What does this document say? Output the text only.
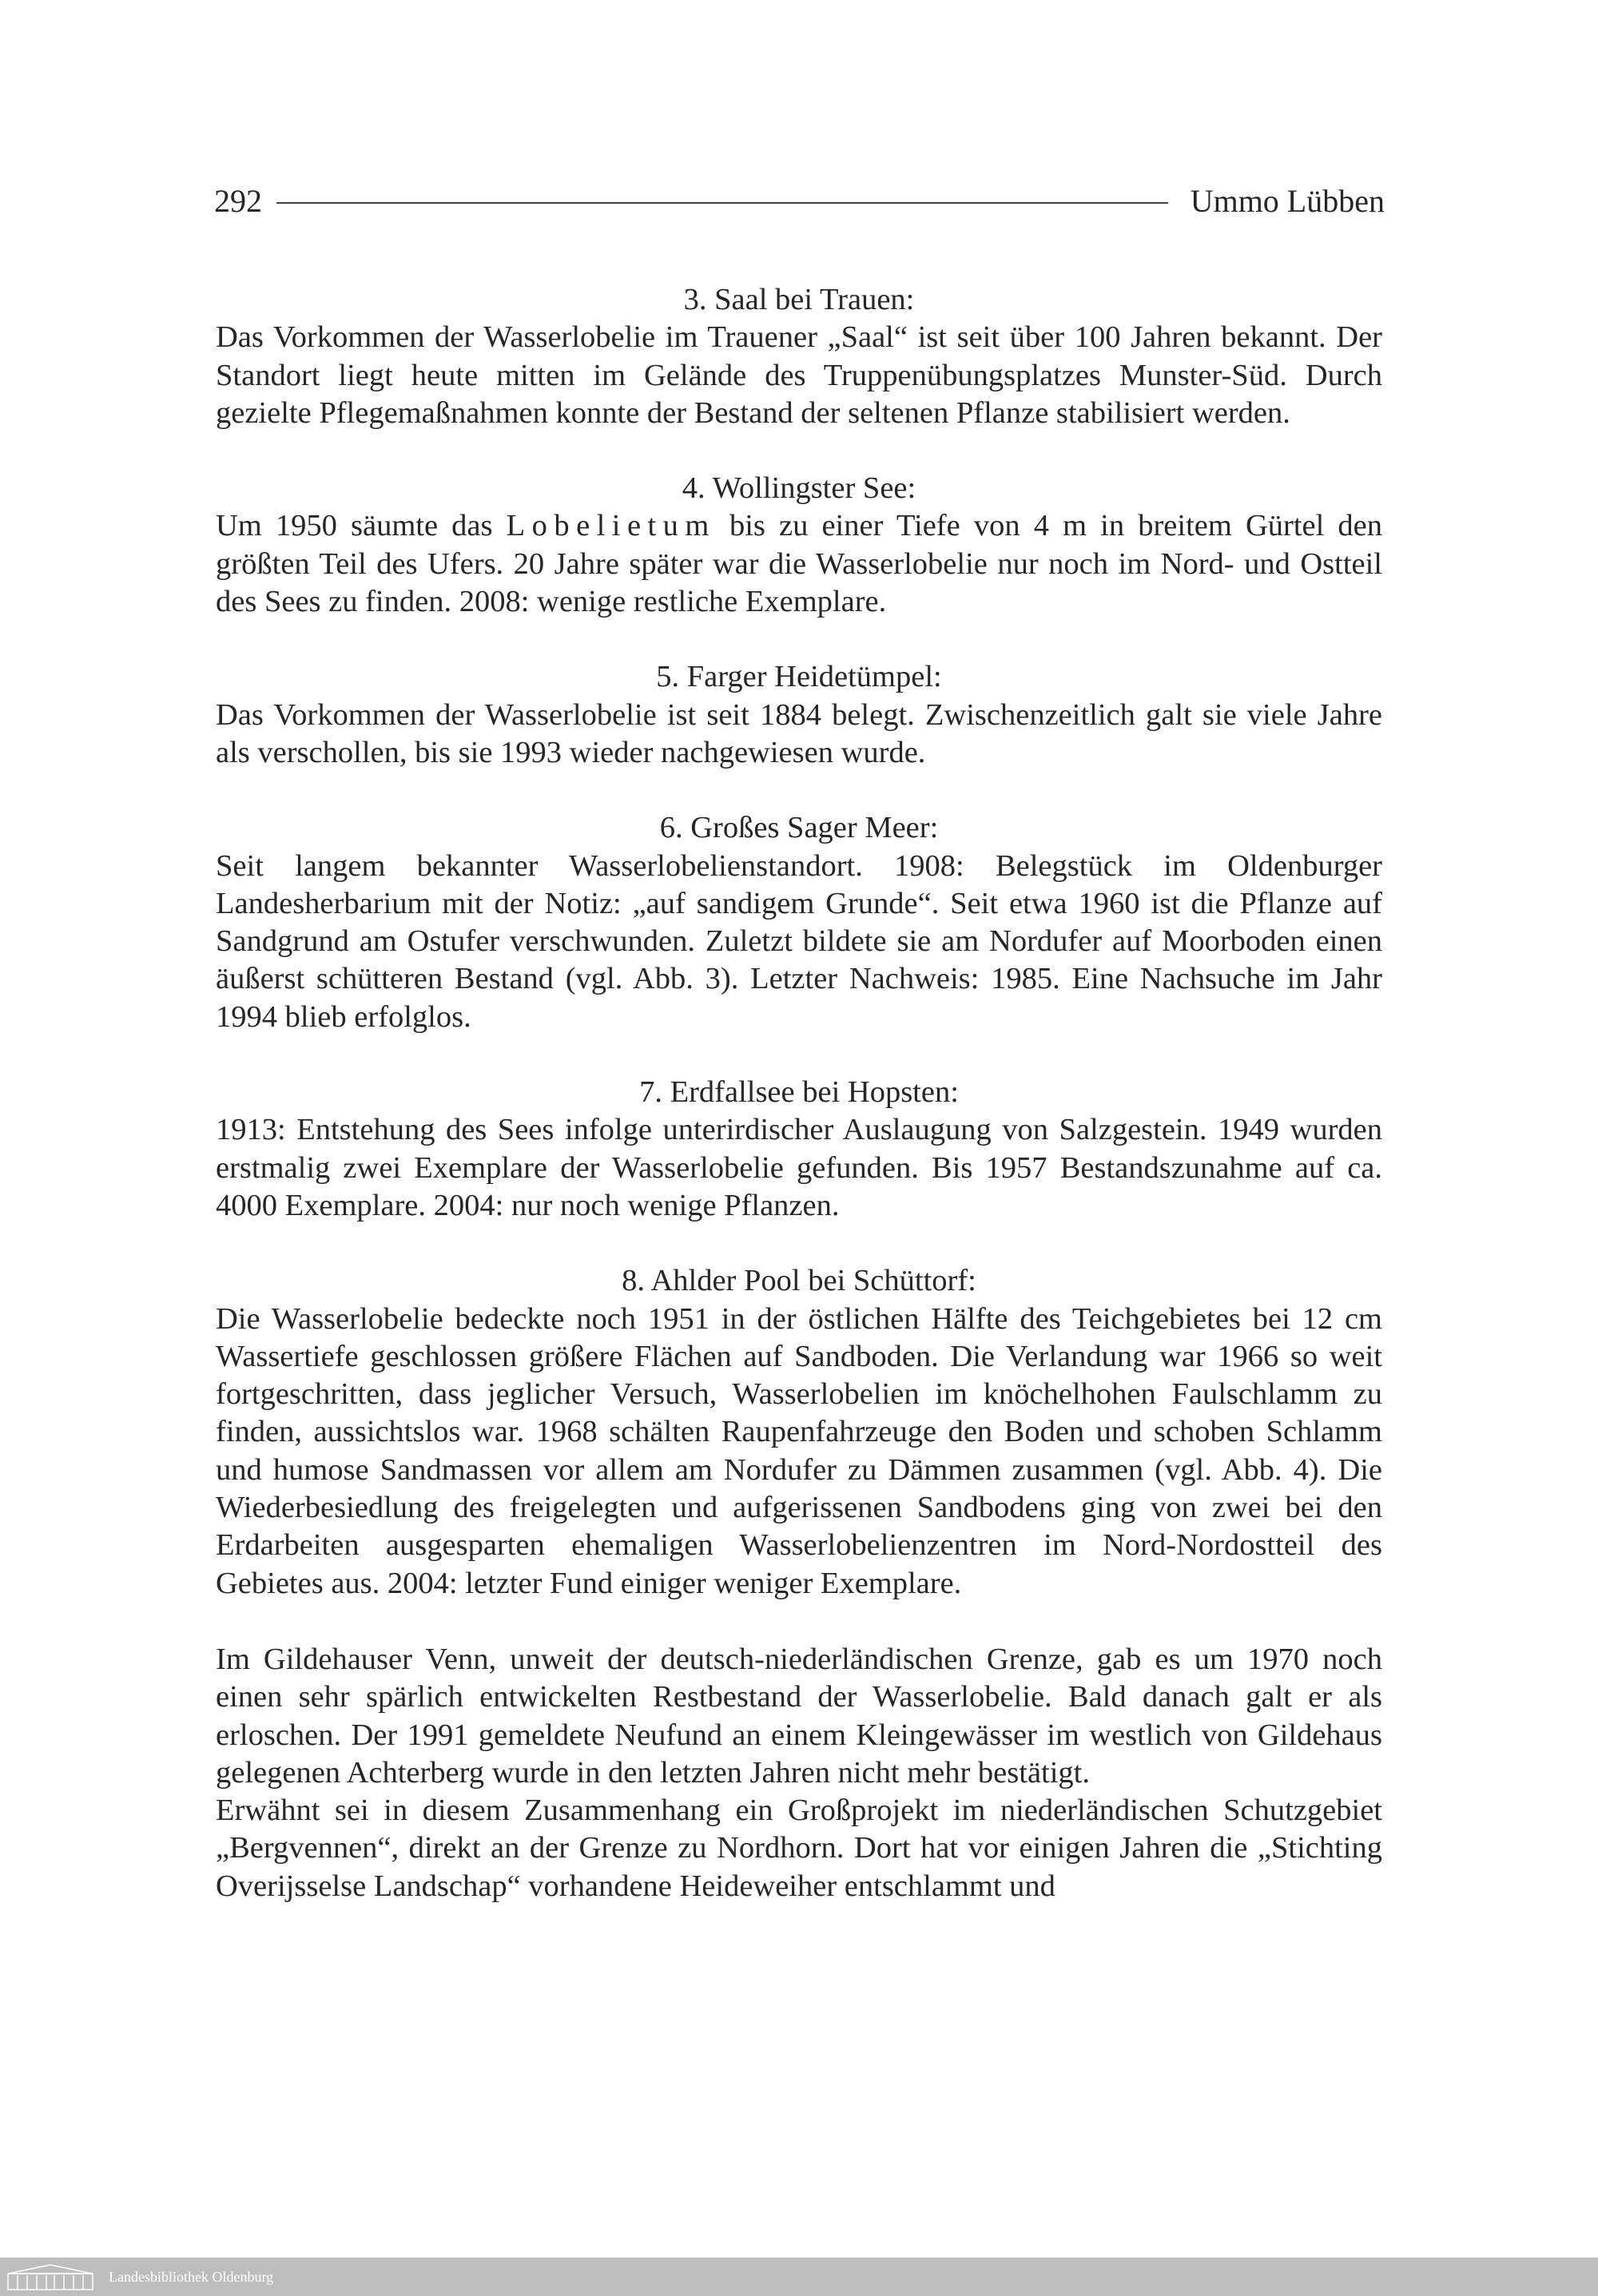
292	Ummo Lübben

3. Saal bei Trauen:

Das Vorkommen der Wasserlobelie im Trauener „Saal“ ist seit über 100 Jahren bekannt. Der Standort liegt heute mitten im Gelände des Truppenübungsplatzes Munster-Süd. Durch gezielte Pflegemaßnahmen konnte der Bestand der seltenen Pflanze stabilisiert werden.

4. Wollingster See:

Um 1950 säumte das Lobelietum bis zu einer Tiefe von 4 m in breitem Gürtel den größten Teil des Ufers. 20 Jahre später war die Wasserlobelie nur noch im Nord- und Ostteil des Sees zu finden. 2008: wenige restliche Exemplare.

5. Farger Heidetümpel:

Das Vorkommen der Wasserlobelie ist seit 1884 belegt. Zwischenzeitlich galt sie viele Jahre als verschollen, bis sie 1993 wieder nachgewiesen wurde.

6. Großes Sager Meer:

Seit langem bekannter Wasserlobelienstandort. 1908: Belegstück im Oldenburger Landesherbarium mit der Notiz: „auf sandigem Grunde“. Seit etwa 1960 ist die Pflanze auf Sandgrund am Ostufer verschwunden. Zuletzt bildete sie am Nordufer auf Moorboden einen äußerst schütteren Bestand (vgl. Abb. 3). Letzter Nachweis: 1985. Eine Nachsuche im Jahr 1994 blieb erfolglos.

7. Erdfallsee bei Hopsten:

1913: Entstehung des Sees infolge unterirdischer Auslaugung von Salzgestein. 1949 wurden erstmalig zwei Exemplare der Wasserlobelie gefunden. Bis 1957 Bestandszunahme auf ca. 4000 Exemplare. 2004: nur noch wenige Pflanzen.

8. Ahlder Pool bei Schüttorf:

Die Wasserlobelie bedeckte noch 1951 in der östlichen Hälfte des Teichgebietes bei 12 cm Wassertiefe geschlossen größere Flächen auf Sandboden. Die Verlandung war 1966 so weit fortgeschritten, dass jeglicher Versuch, Wasserlobelien im knöchelhohen Faulschlamm zu finden, aussichtslos war. 1968 schälten Raupenfahrzeuge den Boden und schoben Schlamm und humose Sandmassen vor allem am Nordufer zu Dämmen zusammen (vgl. Abb. 4). Die Wiederbesiedlung des freigelegten und aufgerissenen Sandbodens ging von zwei bei den Erdarbeiten ausgesparten ehemaligen Wasserlobelienzentren im Nord-Nordostteil des Gebietes aus. 2004: letzter Fund einiger weniger Exemplare.

Im Gildehauser Venn, unweit der deutsch-niederländischen Grenze, gab es um 1970 noch einen sehr spärlich entwickelten Restbestand der Wasserlobelie. Bald danach galt er als erloschen. Der 1991 gemeldete Neufund an einem Kleingewässer im westlich von Gildehaus gelegenen Achterberg wurde in den letzten Jahren nicht mehr bestätigt.

Erwähnt sei in diesem Zusammenhang ein Großprojekt im niederländischen Schutzgebiet „Bergvennen“, direkt an der Grenze zu Nordhorn. Dort hat vor einigen Jahren die „Stichting Overijsselse Landschap“ vorhandene Heideweiher entschlammt und

Landesbibliothek Oldenburg
